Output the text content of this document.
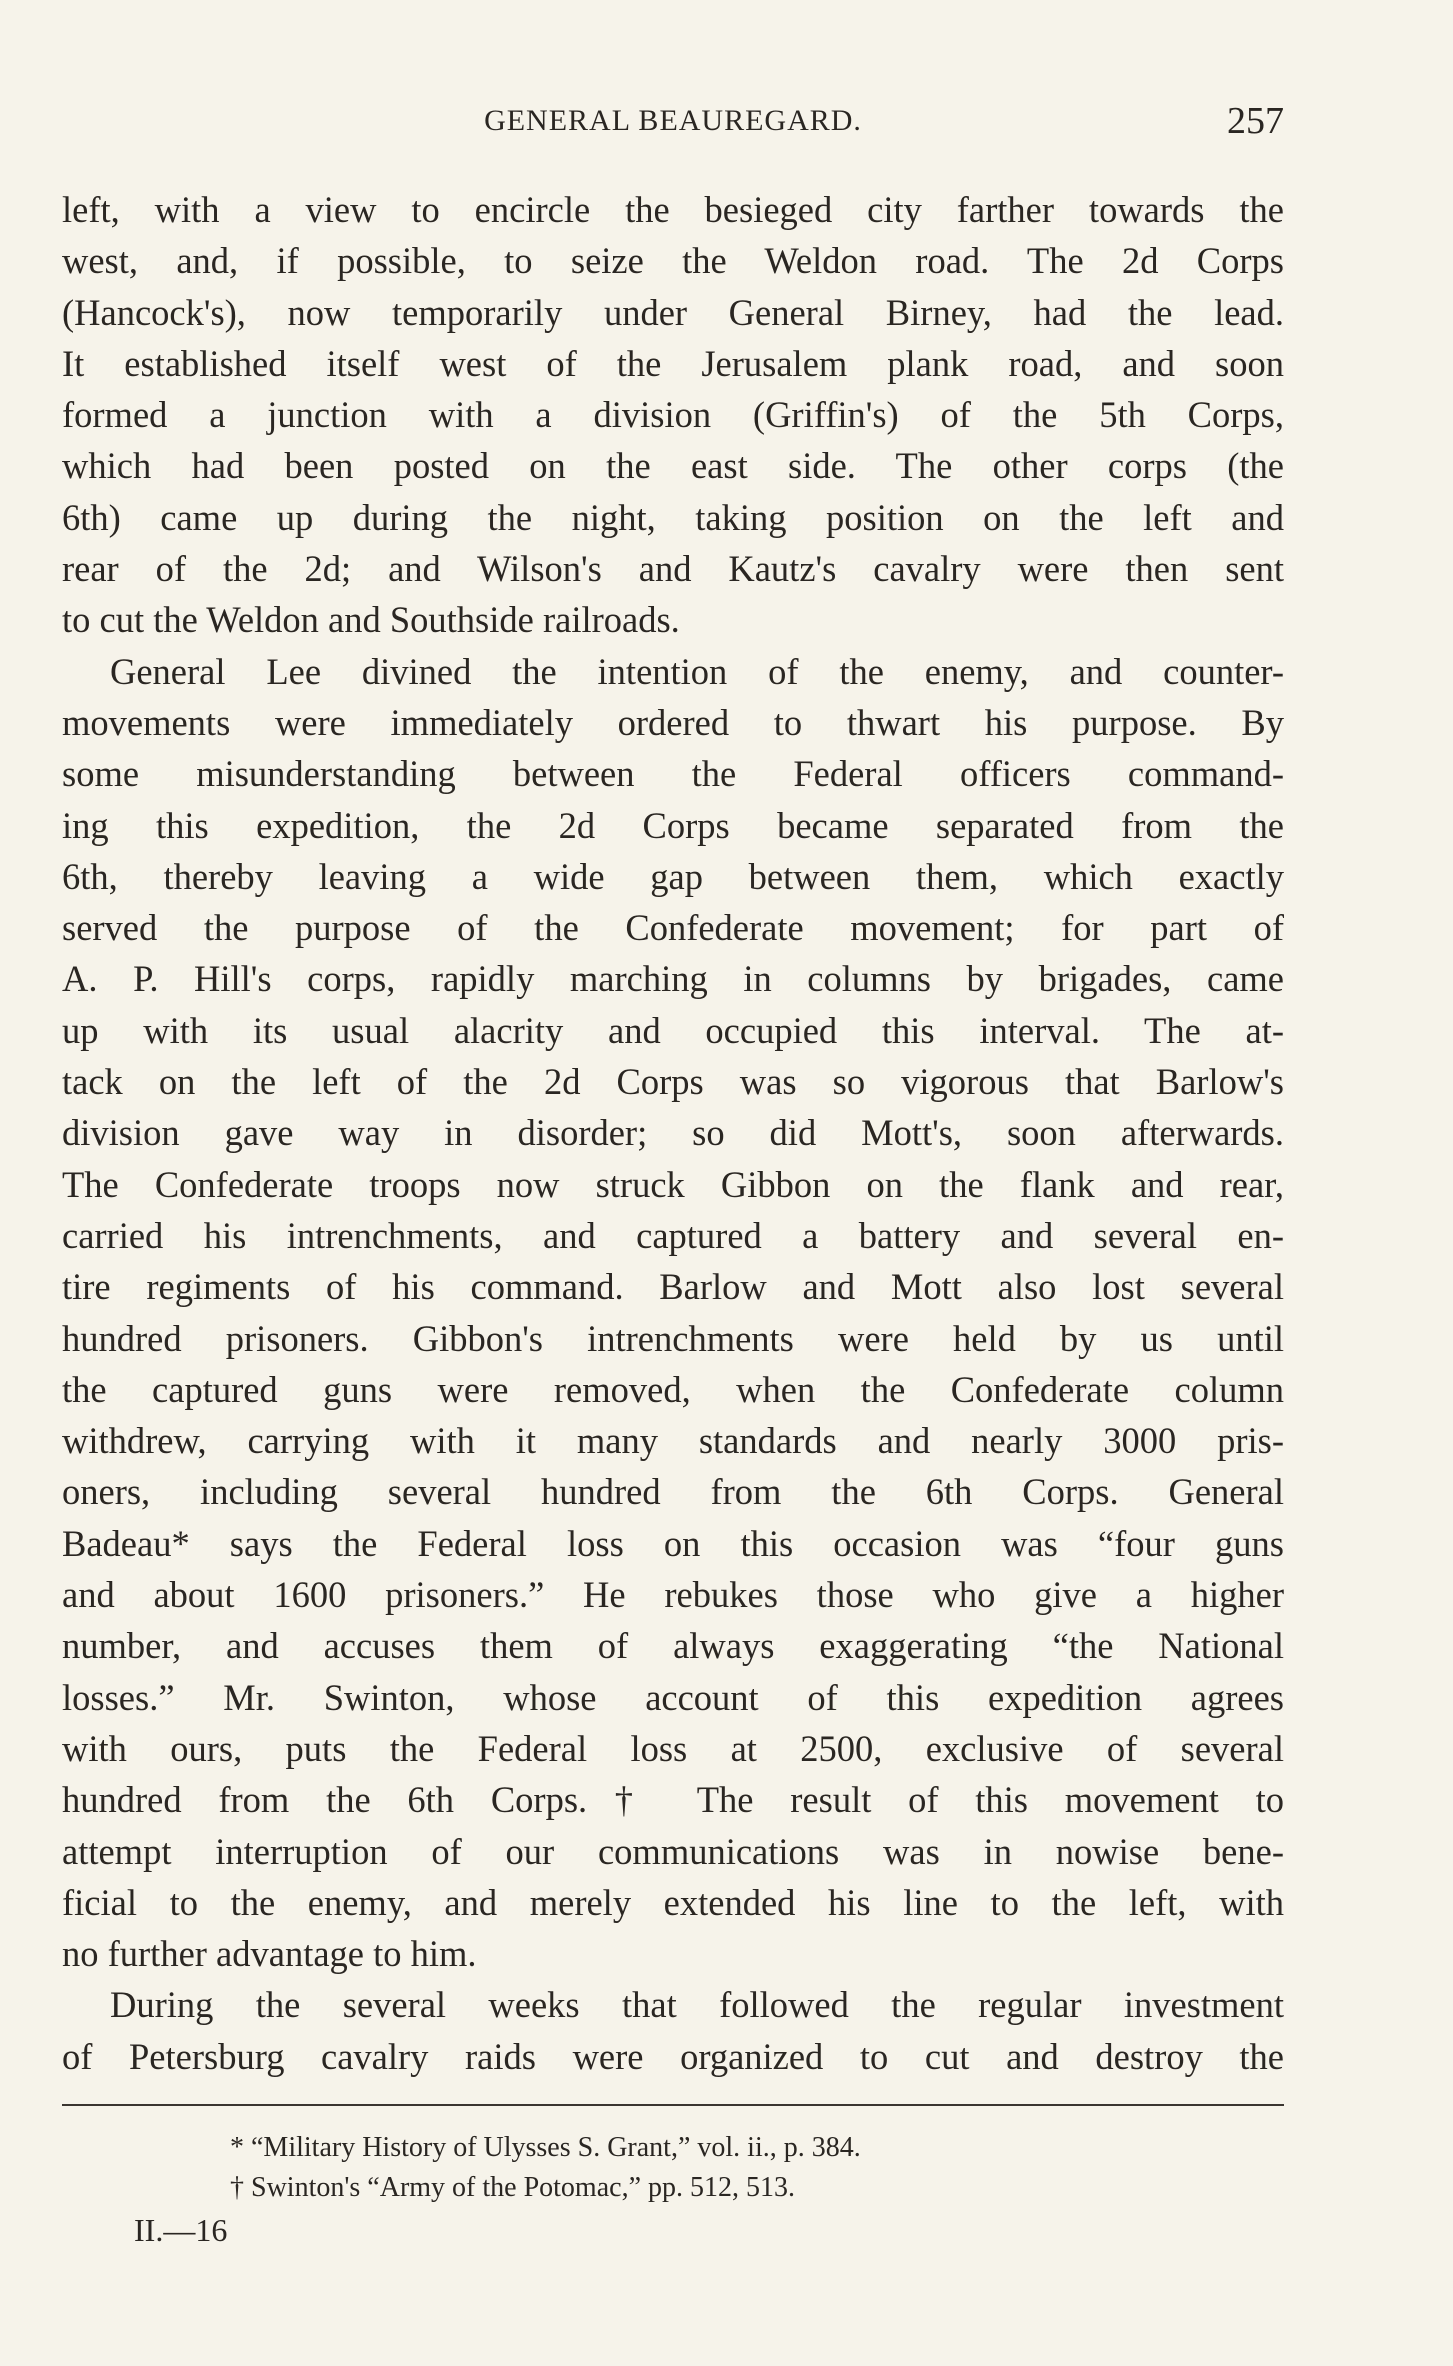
GENERAL BEAUREGARD.	257
left, with a view to encircle the besieged city farther towards the
west, and, if possible, to seize the Weldon road. The 2d Corps
(Hancock's), now temporarily under General Birney, had the lead.
It established itself west of the Jerusalem plank road, and soon
formed a junction with a division (Griffin's) of the 5th Corps,
which had been posted on the east side. The other corps (the
6th) came up during the night, taking position on the left and
rear of the 2d; and Wilson's and Kautz's cavalry were then sent
to cut the Weldon and Southside railroads.
General Lee divined the intention of the enemy, and counter-
movements were immediately ordered to thwart his purpose. By
some misunderstanding between the Federal officers command-
ing this expedition, the 2d Corps became separated from the
6th, thereby leaving a wide gap between them, which exactly
served the purpose of the Confederate movement; for part of
A. P. Hill's corps, rapidly marching in columns by brigades, came
up with its usual alacrity and occupied this interval. The at-
tack on the left of the 2d Corps was so vigorous that Barlow's
division gave way in disorder; so did Mott's, soon afterwards.
The Confederate troops now struck Gibbon on the flank and rear,
carried his intrenchments, and captured a battery and several en-
tire regiments of his command. Barlow and Mott also lost several
hundred prisoners. Gibbon's intrenchments were held by us until
the captured guns were removed, when the Confederate column
withdrew, carrying with it many standards and nearly 3000 pris-
oners, including several hundred from the 6th Corps. General
Badeau* says the Federal loss on this occasion was “four guns
and about 1600 prisoners.” He rebukes those who give a higher
number, and accuses them of always exaggerating “the National
losses.” Mr. Swinton, whose account of this expedition agrees
with ours, puts the Federal loss at 2500, exclusive of several
hundred from the 6th Corps.† The result of this movement to
attempt interruption of our communications was in nowise bene-
ficial to the enemy, and merely extended his line to the left, with
no further advantage to him.
During the several weeks that followed the regular investment
of Petersburg cavalry raids were organized to cut and destroy the
* “Military History of Ulysses S. Grant,” vol. ii., p. 384.
† Swinton's “Army of the Potomac,” pp. 512, 513.
II.—16
